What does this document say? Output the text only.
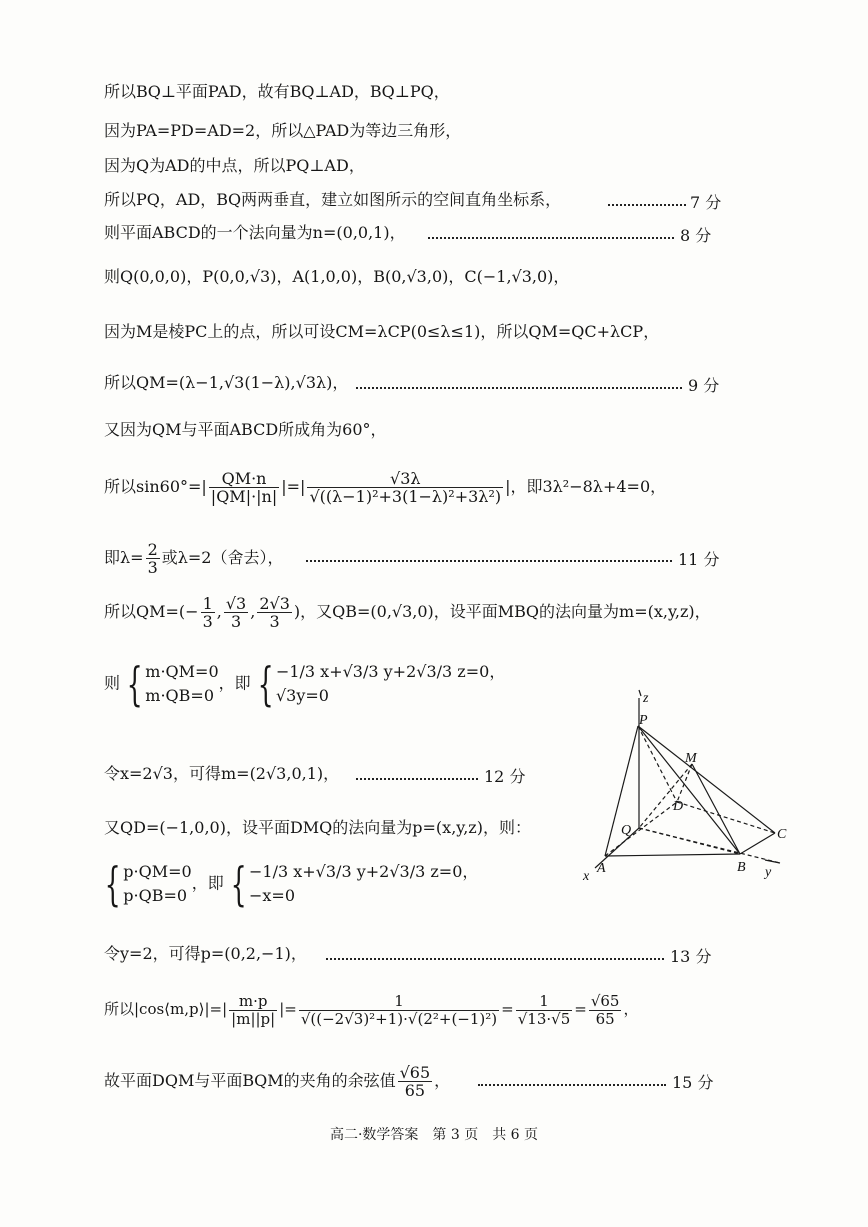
所以BQ⊥平面PAD，故有BQ⊥AD，BQ⊥PQ，
因为PA=PD=AD=2，所以△PAD为等边三角形，
因为Q为AD的中点，所以PQ⊥AD，
所以PQ，AD，BQ两两垂直，建立如图所示的空间直角坐标系，	7 分
则平面ABCD的一个法向量为n=(0,0,1)，	8 分
则Q(0,0,0)，P(0,0,√3)，A(1,0,0)，B(0,√3,0)，C(−1,√3,0)，
因为M是棱PC上的点，所以可设CM=λCP(0≤λ≤1)，所以QM=QC+λCP，
所以QM=(λ−1,√3(1−λ),√3λ)，	9 分
又因为QM与平面ABCD所成角为60°，
所以$\sin 60^\circ=| \frac{QM\cdot n}{|QM|\cdot|n|}$ |=| $\frac{√3\lambda}{\text{√((λ−1)²+3(1−λ)²+3λ²)}}$ |，即3λ²−8λ+4=0，
即$\lambda= \frac{2}{3}$ 或λ=2（舍去），	11 分
所以$QM=(- \frac{1}{3}$ , $\frac{√3}{3}$ , $\frac{2√3}{3}$ )，又QB=(0,√3,0)，设平面MBQ的法向量为m=(x,y,z)，
则 { m·QM=0
m·QB=0
，即 { −1/3 x+√3/3 y+2√3/3 z=0，
√3y=0
令x=2√3，可得m=(2√3,0,1)，	12 分
又QD=(−1,0,0)，设平面DMQ的法向量为p=(x,y,z)，则：
{ p·QM=0
p·QB=0
，即 { −1/3 x+√3/3 y+2√3/3 z=0，
−x=0
令y=2，可得p=(0,2,−1)，	13 分
所以|cos⟨m,p⟩|=| $\frac{m\cdot p}{|m||p|}$ |= $\frac{1}{\text{√((−2√3)²+1)·√(2²+(−1)²)}} = \frac{1}{√13\cdot√5} = \frac{√65}{65}$ ，
故平面DQM与平面BQM的夹角的余弦值 $\frac{√65}{65}$ ，	15 分
z
P
M
D
Q	C
A	B
x	y
高二·数学答案　第 3 页　共 6 页
